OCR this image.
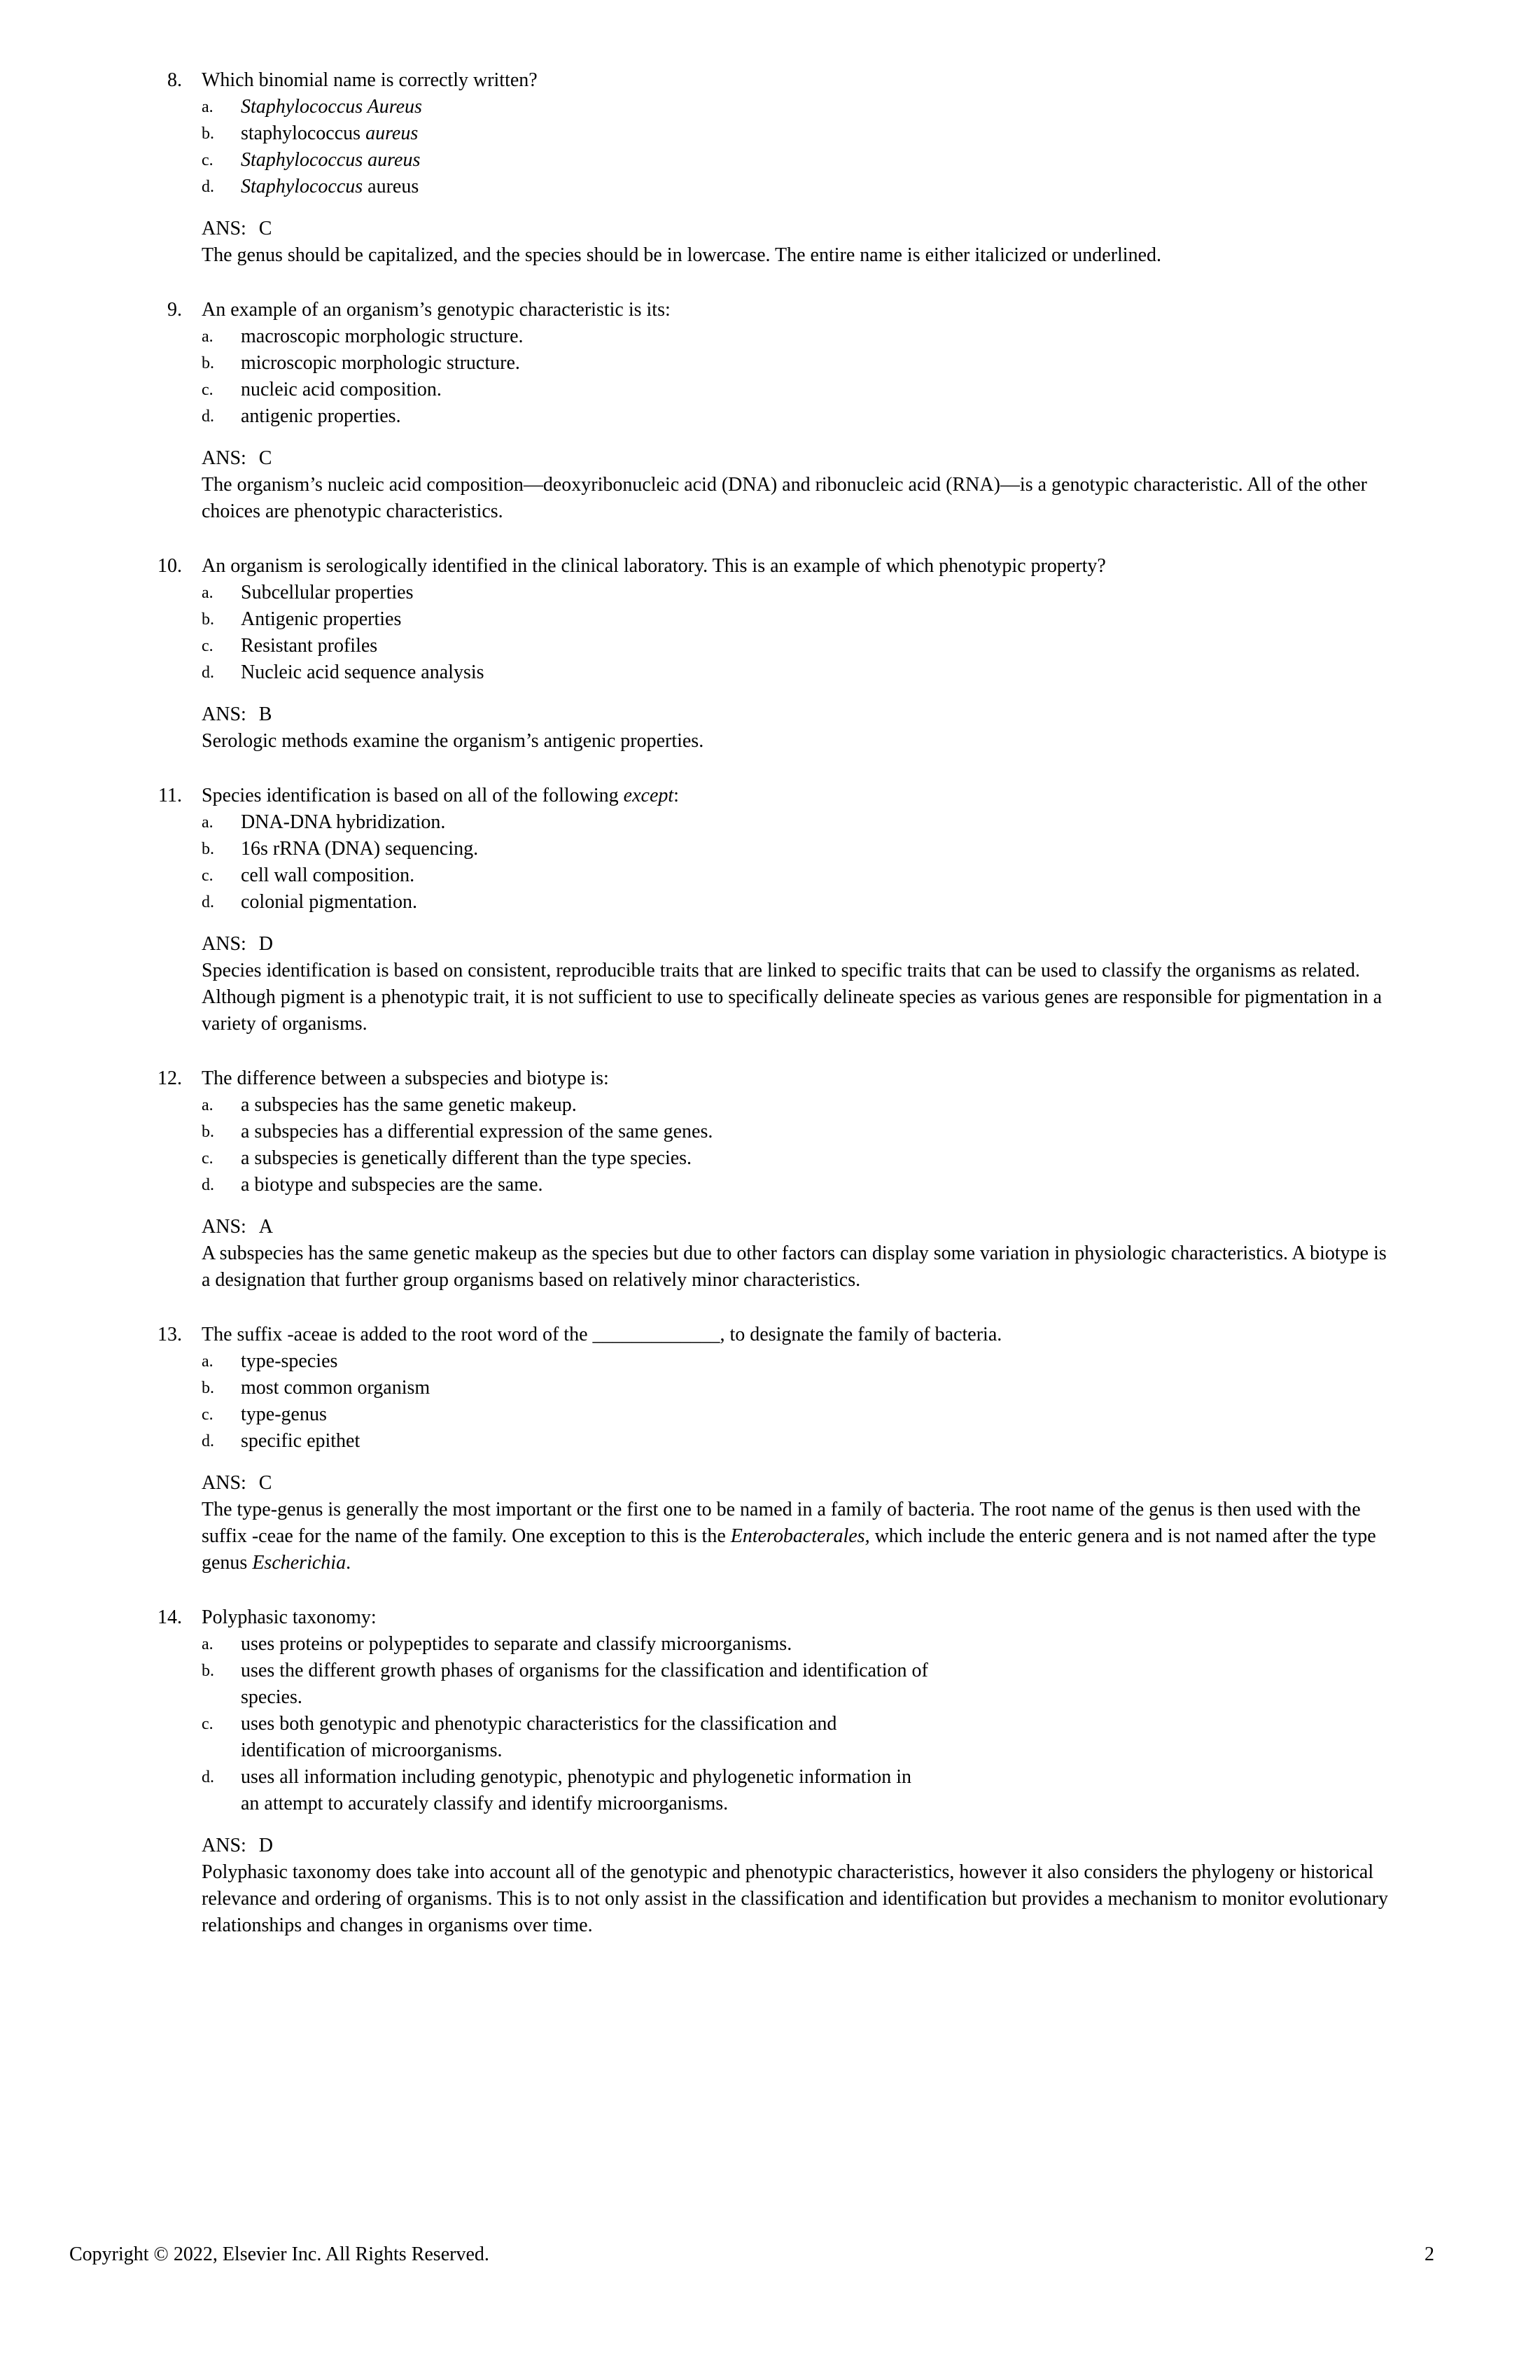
8. Which binomial name is correctly written?
a.	Staphylococcus Aureus
b.	staphylococcus aureus
c.	Staphylococcus aureus
d.	Staphylococcus aureus
ANS: C
The genus should be capitalized, and the species should be in lowercase. The entire name is either italicized or underlined.
9. An example of an organism’s genotypic characteristic is its:
a.	macroscopic morphologic structure.
b.	microscopic morphologic structure.
c.	nucleic acid composition.
d.	antigenic properties.
ANS: C
The organism’s nucleic acid composition—deoxyribonucleic acid (DNA) and ribonucleic acid (RNA)—is a genotypic characteristic. All of the other choices are phenotypic characteristics.
10. An organism is serologically identified in the clinical laboratory. This is an example of which phenotypic property?
a.	Subcellular properties
b.	Antigenic properties
c.	Resistant profiles
d.	Nucleic acid sequence analysis
ANS: B
Serologic methods examine the organism’s antigenic properties.
11. Species identification is based on all of the following except:
a.	DNA-DNA hybridization.
b.	16s rRNA (DNA) sequencing.
c.	cell wall composition.
d.	colonial pigmentation.
ANS: D
Species identification is based on consistent, reproducible traits that are linked to specific traits that can be used to classify the organisms as related. Although pigment is a phenotypic trait, it is not sufficient to use to specifically delineate species as various genes are responsible for pigmentation in a variety of organisms.
12. The difference between a subspecies and biotype is:
a.	a subspecies has the same genetic makeup.
b.	a subspecies has a differential expression of the same genes.
c.	a subspecies is genetically different than the type species.
d.	a biotype and subspecies are the same.
ANS: A
A subspecies has the same genetic makeup as the species but due to other factors can display some variation in physiologic characteristics. A biotype is a designation that further group organisms based on relatively minor characteristics.
13. The suffix -aceae is added to the root word of the _____________, to designate the family of bacteria.
a.	type-species
b.	most common organism
c.	type-genus
d.	specific epithet
ANS: C
The type-genus is generally the most important or the first one to be named in a family of bacteria. The root name of the genus is then used with the suffix -ceae for the name of the family. One exception to this is the Enterobacterales, which include the enteric genera and is not named after the type genus Escherichia.
14. Polyphasic taxonomy:
a.	uses proteins or polypeptides to separate and classify microorganisms.
b.	uses the different growth phases of organisms for the classification and identification of species.
c.	uses both genotypic and phenotypic characteristics for the classification and identification of microorganisms.
d.	uses all information including genotypic, phenotypic and phylogenetic information in an attempt to accurately classify and identify microorganisms.
ANS: D
Polyphasic taxonomy does take into account all of the genotypic and phenotypic characteristics, however it also considers the phylogeny or historical relevance and ordering of organisms. This is to not only assist in the classification and identification but provides a mechanism to monitor evolutionary relationships and changes in organisms over time.
Copyright © 2022, Elsevier Inc. All Rights Reserved.	2
